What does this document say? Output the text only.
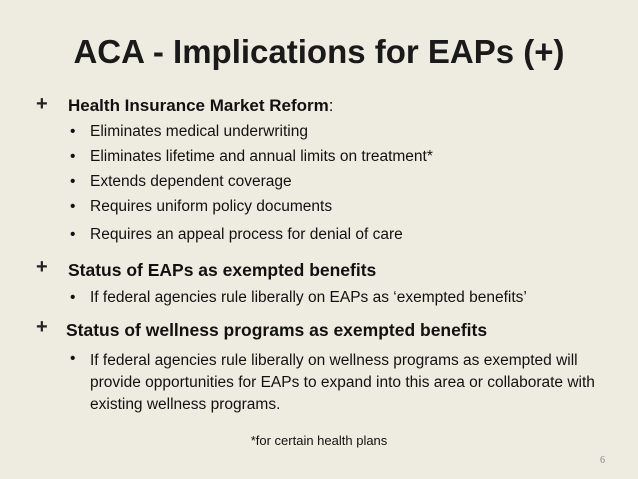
ACA - Implications for EAPs (+)
+ Health Insurance Market Reform:
• Eliminates medical underwriting
• Eliminates lifetime and annual limits on treatment*
• Extends dependent coverage
• Requires uniform policy documents
• Requires an appeal process for denial of care
+ Status of EAPs as exempted benefits
• If federal agencies rule liberally on EAPs as ‘exempted benefits’
+ Status of wellness programs as exempted benefits
• If federal agencies rule liberally on wellness programs as exempted will provide opportunities for EAPs to expand into this area or collaborate with existing wellness programs.
*for certain health plans
6
